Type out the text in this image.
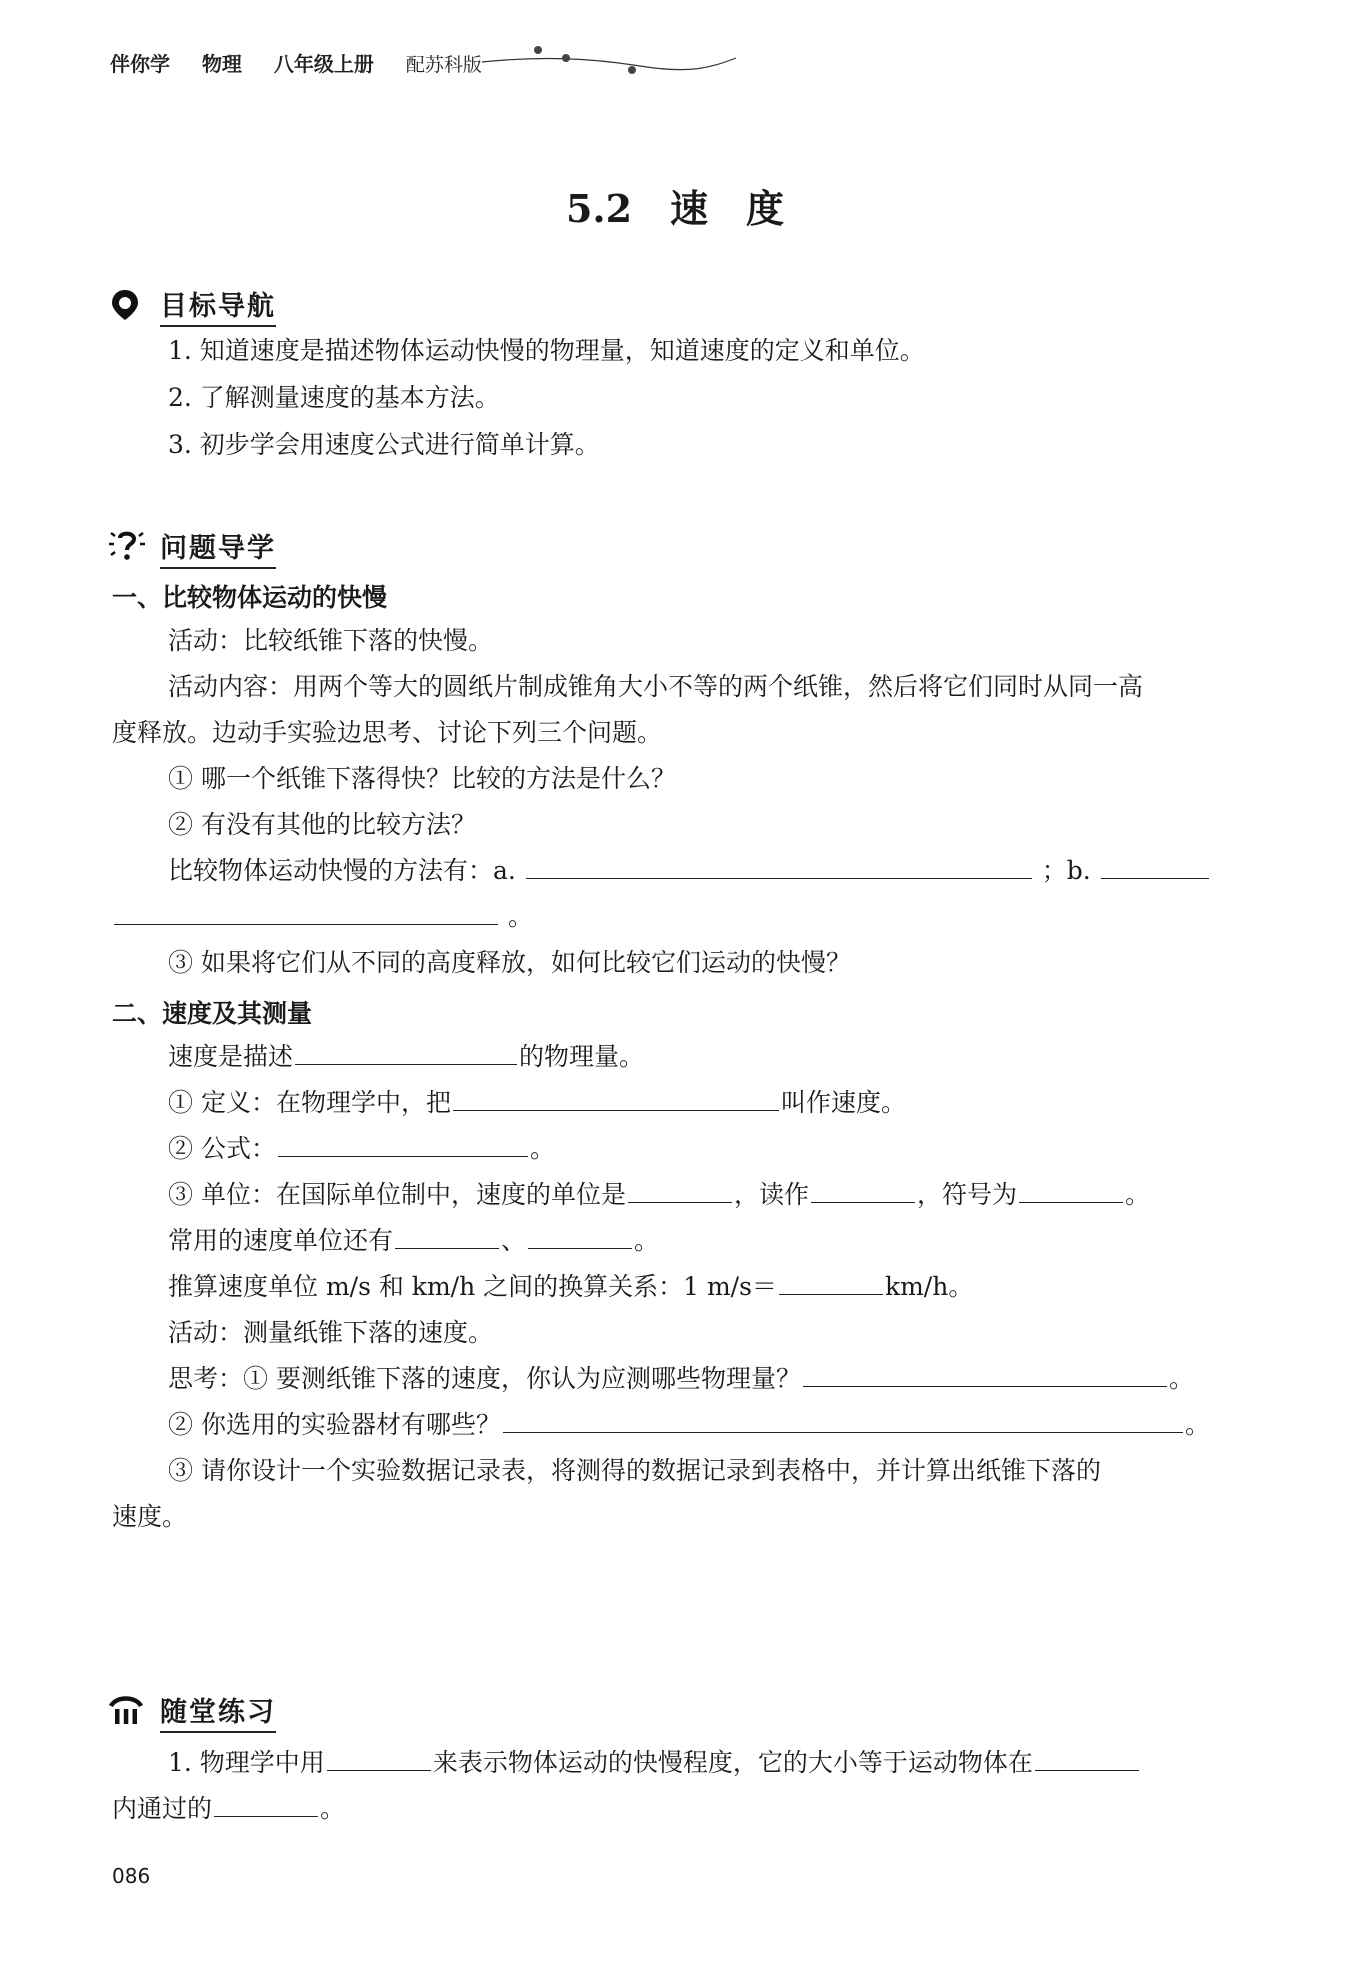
伴你学 物理 八年级上册 配苏科版
5.2　速　度
目标导航
1. 知道速度是描述物体运动快慢的物理量，知道速度的定义和单位。
2. 了解测量速度的基本方法。
3. 初步学会用速度公式进行简单计算。
问题导学
一、比较物体运动的快慢
活动：比较纸锥下落的快慢。
活动内容：用两个等大的圆纸片制成锥角大小不等的两个纸锥，然后将它们同时从同一高
度释放。边动手实验边思考、讨论下列三个问题。
① 哪一个纸锥下落得快？比较的方法是什么？
② 有没有其他的比较方法？
比较物体运动快慢的方法有：a.	；b.
。
③ 如果将它们从不同的高度释放，如何比较它们运动的快慢？
二、速度及其测量
速度是描述	的物理量。
① 定义：在物理学中，把	叫作速度。
② 公式：	。
③ 单位：在国际单位制中，速度的单位是	，读作	，符号为	。
常用的速度单位还有	、	。
推算速度单位 m/s 和 km/h 之间的换算关系：1 m/s＝	km/h。
活动：测量纸锥下落的速度。
思考：① 要测纸锥下落的速度，你认为应测哪些物理量？	。
② 你选用的实验器材有哪些？	。
③ 请你设计一个实验数据记录表，将测得的数据记录到表格中，并计算出纸锥下落的
速度。
随堂练习
1. 物理学中用	来表示物体运动的快慢程度，它的大小等于运动物体在
内通过的	。
086
